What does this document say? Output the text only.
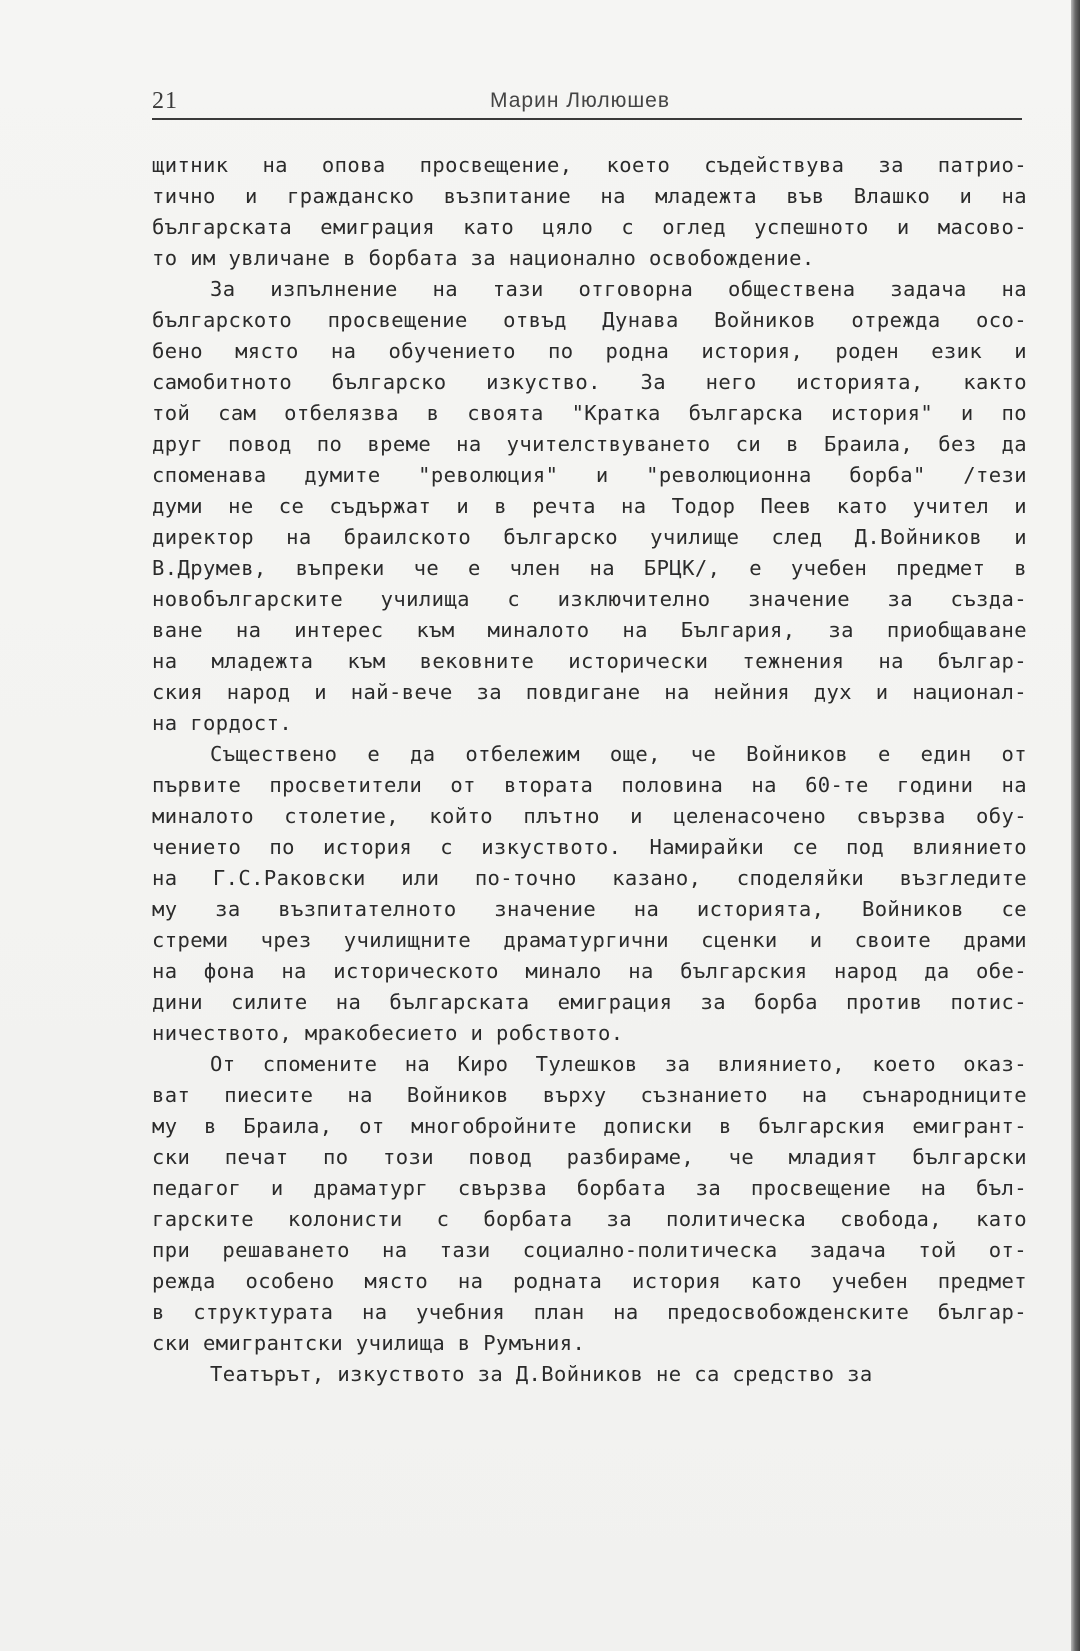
21	Марин Люлюшев
щитник на опова просвещение, което съдействува за патрио-
тично и гражданско възпитание на младежта във Влашко и на
българската емиграция като цяло с оглед успешното и масово-
то им увличане в борбата за национално освобождение.
За изпълнение на тази отговорна обществена задача на
българското просвещение отвъд Дунава Войников отрежда осо-
бено място на обучението по родна история, роден език и
самобитното българско изкуство. За него историята, както
той сам отбелязва в своята "Кратка българска история" и по
друг повод по време на учителствуването си в Браила, без да
споменава думите "революция" и "революционна борба" /тези
думи не се съдържат и в речта на Тодор Пеев като учител и
директор на браилското българско училище след Д.Войников и
В.Друмев, въпреки че е член на БРЦК/, е учебен предмет в
новобългарските училища с изключително значение за създа-
ване на интерес към миналото на България, за приобщаване
на младежта към вековните исторически тежнения на българ-
ския народ и най-вече за повдигане на нейния дух и национал-
на гордост.
Съществено е да отбележим още, че Войников е един от
първите просветители от втората половина на 60-те години на
миналото столетие, който плътно и целенасочено свързва обу-
чението по история с изкуството. Намирайки се под влиянието
на Г.С.Раковски или по-точно казано, споделяйки възгледите
му за възпитателното значение на историята, Войников се
стреми чрез училищните драматургични сценки и своите драми
на фона на историческото минало на българския народ да обе-
дини силите на българската емиграция за борба против потис-
ничеството, мракобесието и робството.
От спомените на Киро Тулешков за влиянието, което оказ-
ват пиесите на Войников върху съзнанието на сънародниците
му в Браила, от многобройните дописки в българския емигрант-
ски печат по този повод разбираме, че младият български
педагог и драматург свързва борбата за просвещение на бъл-
гарските колонисти с борбата за политическа свобода, като
при решаването на тази социално-политическа задача той от-
режда особено място на родната история като учебен предмет
в структурата на учебния план на предосвобожденските българ-
ски емигрантски училища в Румъния.
Театърът, изкуството за Д.Войников не са средство за
